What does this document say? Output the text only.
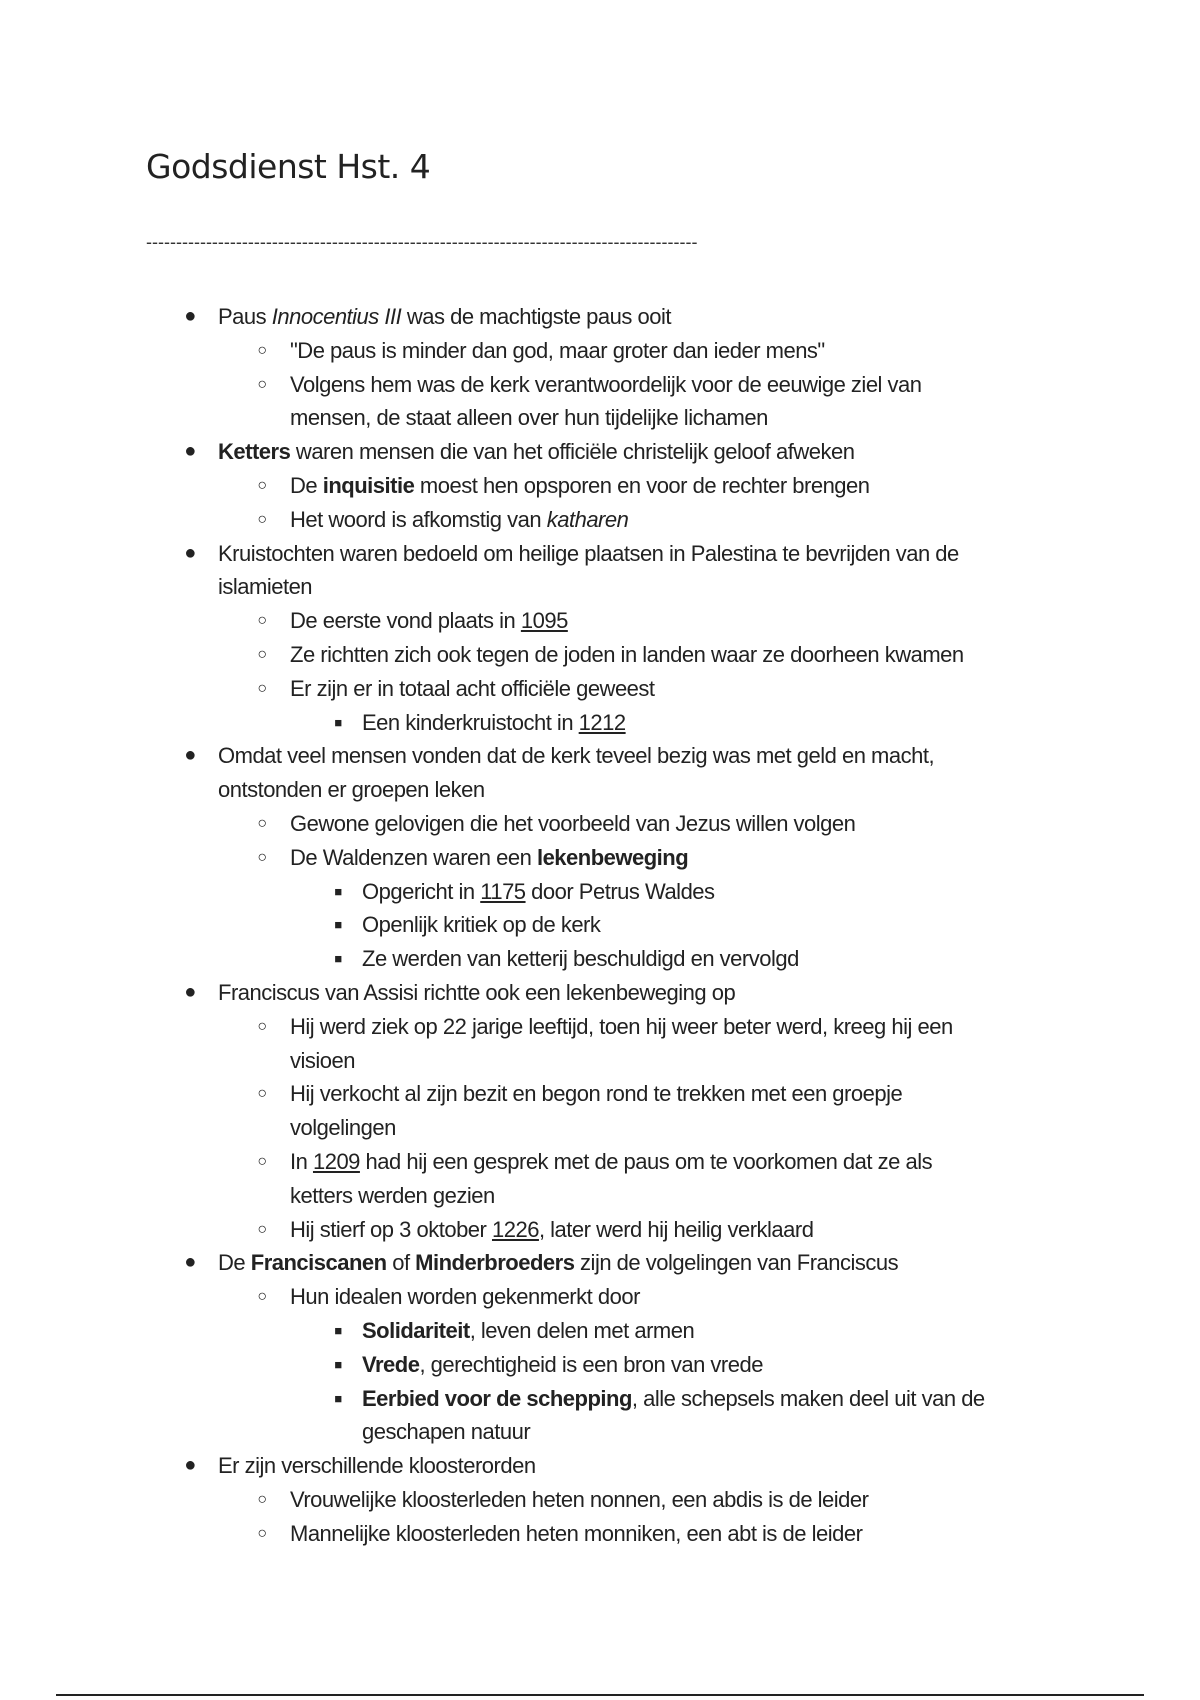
Godsdienst Hst. 4
--------------------------------------------------------------------------------------------
●	Paus Innocentius III was de machtigste paus ooit
○	"De paus is minder dan god, maar groter dan ieder mens"
○	Volgens hem was de kerk verantwoordelijk voor de eeuwige ziel van
mensen, de staat alleen over hun tijdelijke lichamen
●	Ketters waren mensen die van het officiële christelijk geloof afweken
○	De inquisitie moest hen opsporen en voor de rechter brengen
○	Het woord is afkomstig van katharen
●	Kruistochten waren bedoeld om heilige plaatsen in Palestina te bevrijden van de
islamieten
○	De eerste vond plaats in 1095
○	Ze richtten zich ook tegen de joden in landen waar ze doorheen kwamen
○	Er zijn er in totaal acht officiële geweest
■ Een kinderkruistocht in 1212
●	Omdat veel mensen vonden dat de kerk teveel bezig was met geld en macht,
ontstonden er groepen leken
○	Gewone gelovigen die het voorbeeld van Jezus willen volgen
○	De Waldenzen waren een lekenbeweging
■ Opgericht in 1175 door Petrus Waldes
■ Openlijk kritiek op de kerk
■ Ze werden van ketterij beschuldigd en vervolgd
●	Franciscus van Assisi richtte ook een lekenbeweging op
○	Hij werd ziek op 22 jarige leeftijd, toen hij weer beter werd, kreeg hij een
visioen
○	Hij verkocht al zijn bezit en begon rond te trekken met een groepje
volgelingen
○	In 1209 had hij een gesprek met de paus om te voorkomen dat ze als
ketters werden gezien
○	Hij stierf op 3 oktober 1226, later werd hij heilig verklaard
●	De Franciscanen of Minderbroeders zijn de volgelingen van Franciscus
○	Hun idealen worden gekenmerkt door
■ Solidariteit, leven delen met armen
■ Vrede, gerechtigheid is een bron van vrede
■ Eerbied voor de schepping, alle schepsels maken deel uit van de
geschapen natuur
●	Er zijn verschillende kloosterorden
○	Vrouwelijke kloosterleden heten nonnen, een abdis is de leider
○	Mannelijke kloosterleden heten monniken, een abt is de leider
